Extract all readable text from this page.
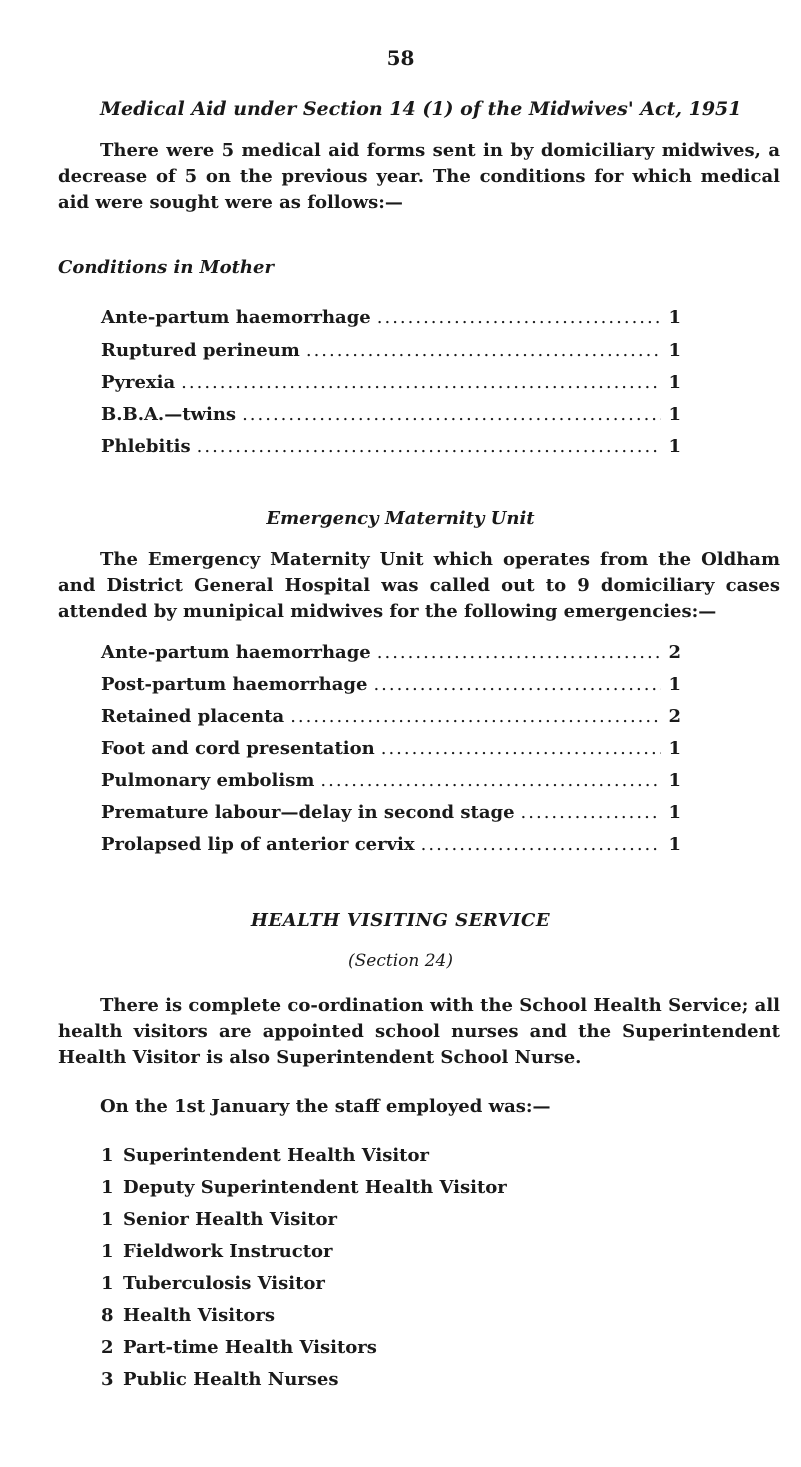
58
Medical Aid under Section 14 (1) of the Midwives' Act, 1951

There were 5 medical aid forms sent in by domiciliary midwives, a decrease of 5 on the previous year. The conditions for which medical aid were sought were as follows:—

Conditions in Mother
Ante-partum haemorrhage .....	1
Ruptured perineum .....	1
Pyrexia .....	1
B.B.A.—twins .....	1
Phlebitis .....	1
Emergency Maternity Unit

The Emergency Maternity Unit which operates from the Oldham and District General Hospital was called out to 9 domiciliary cases attended by munipical midwives for the following emergencies:—

Ante-partum haemorrhage .....	2
Post-partum haemorrhage .....	1
Retained placenta .....	2
Foot and cord presentation .....	1
Pulmonary embolism .....	1
Premature labour—delay in second stage .....	1
Prolapsed lip of anterior cervix .....	1
HEALTH VISITING SERVICE
(Section 24)

There is complete co-ordination with the School Health Service; all health visitors are appointed school nurses and the Superintendent Health Visitor is also Superintendent School Nurse.

On the 1st January the staff employed was:—

1 Superintendent Health Visitor
1 Deputy Superintendent Health Visitor
1 Senior Health Visitor
1 Fieldwork Instructor
1 Tuberculosis Visitor
8 Health Visitors
2 Part-time Health Visitors
3 Public Health Nurses
